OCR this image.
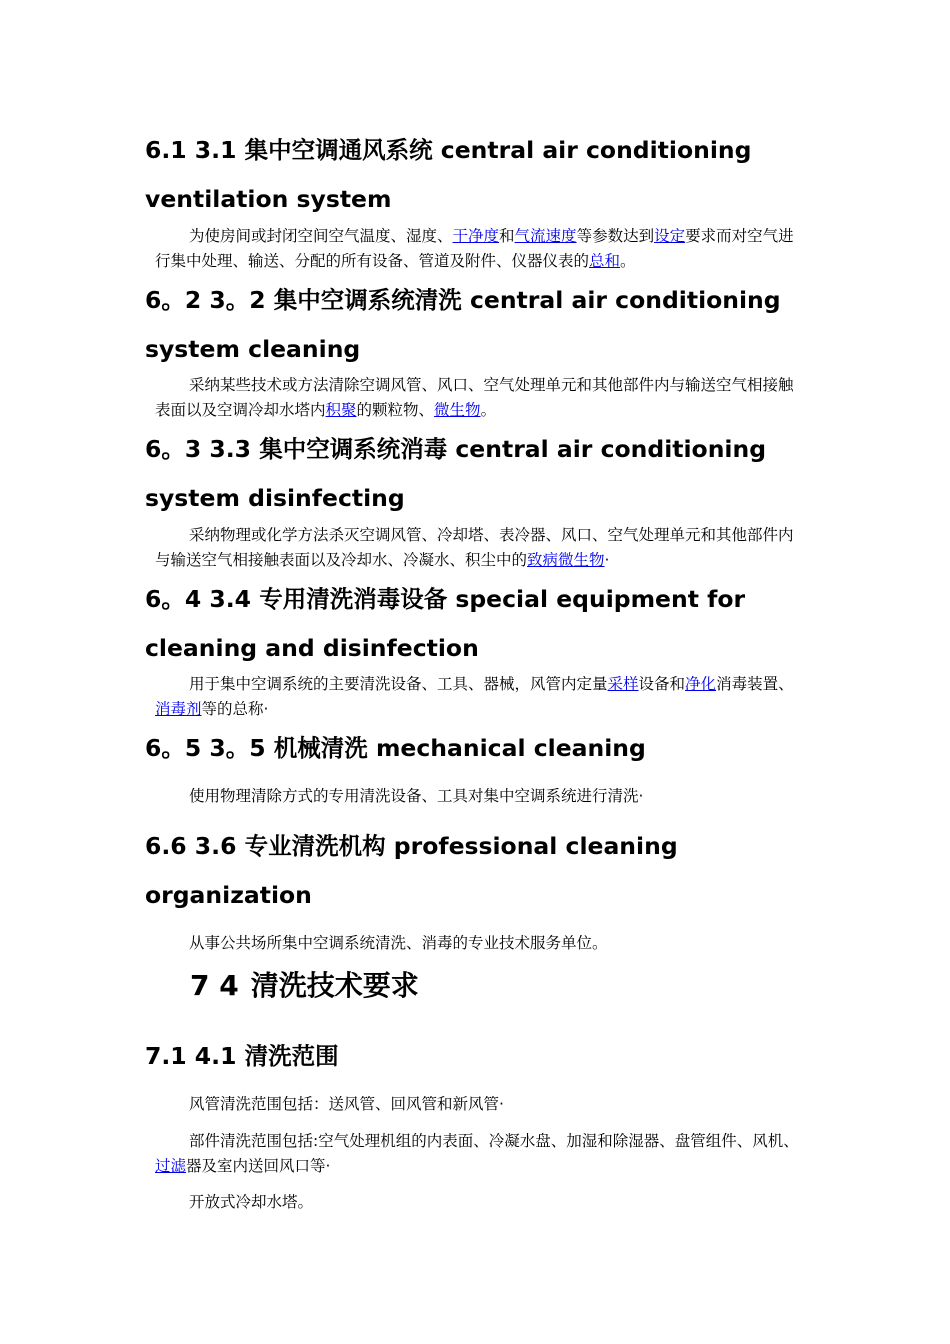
6.1 3.1 集中空调通风系统 central air conditioning ventilation system

为使房间或封闭空间空气温度、湿度、干净度和气流速度等参数达到设定要求而对空气进行集中处理、输送、分配的所有设备、管道及附件、仪器仪表的总和。

6。2 3。2 集中空调系统清洗 central air conditioning system cleaning

采纳某些技术或方法清除空调风管、风口、空气处理单元和其他部件内与输送空气相接触表面以及空调冷却水塔内积聚的颗粒物、微生物。

6。3 3.3 集中空调系统消毒 central air conditioning system disinfecting

采纳物理或化学方法杀灭空调风管、冷却塔、表冷器、风口、空气处理单元和其他部件内与输送空气相接触表面以及冷却水、冷凝水、积尘中的致病微生物·

6。4 3.4 专用清洗消毒设备 special equipment for cleaning and disinfection

用于集中空调系统的主要清洗设备、工具、器械，风管内定量采样设备和净化消毒装置、消毒剂等的总称·

6。5 3。5 机械清洗 mechanical cleaning

使用物理清除方式的专用清洗设备、工具对集中空调系统进行清洗·

6.6 3.6 专业清洗机构 professional cleaning organization

从事公共场所集中空调系统清洗、消毒的专业技术服务单位。

7 4 清洗技术要求
7.1 4.1 清洗范围

风管清洗范围包括：送风管、回风管和新风管·

部件清洗范围包括:空气处理机组的内表面、冷凝水盘、加湿和除湿器、盘管组件、风机、过滤器及室内送回风口等·

开放式冷却水塔。
